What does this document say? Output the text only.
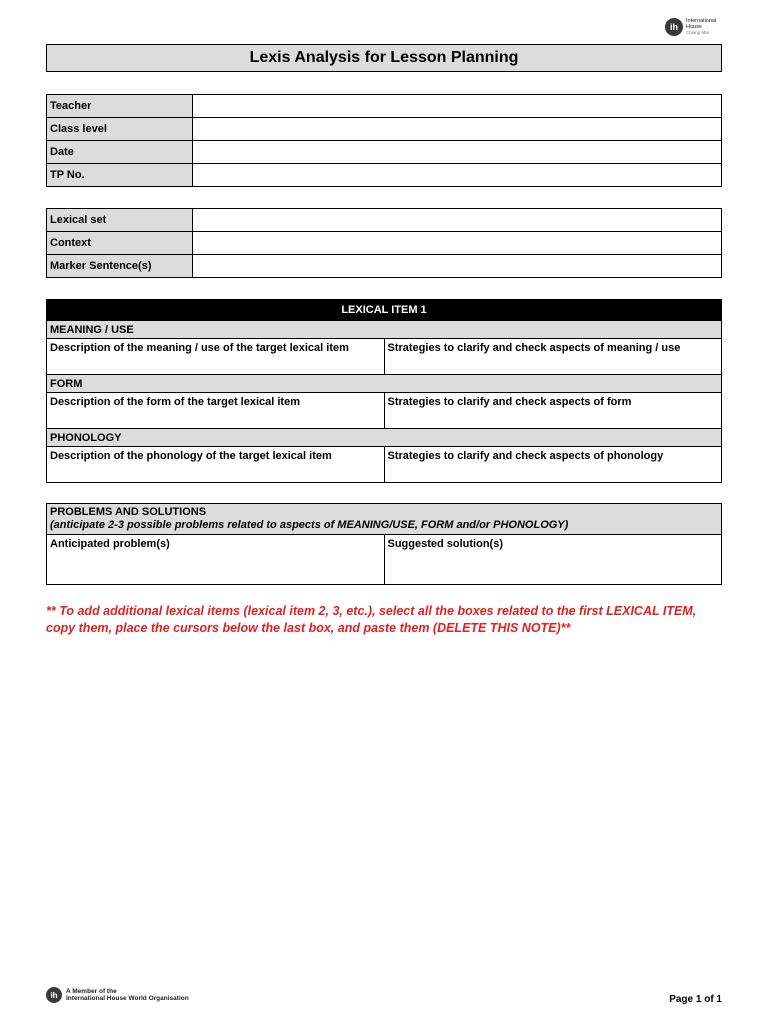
ih
International
House
Chiang Mai
Lexis Analysis for Lesson Planning
Teacher	
Class level	
Date	
TP No.	
Lexical set	
Context	
Marker Sentence(s)	
LEXICAL ITEM 1	
MEANING / USE	
Description of the meaning / use of the target lexical item	Strategies to clarify and check aspects of meaning / use
FORM	
Description of the form of the target lexical item	Strategies to clarify and check aspects of form
PHONOLOGY	
Description of the phonology of the target lexical item	Strategies to clarify and check aspects of phonology
PROBLEMS AND SOLUTIONS
(anticipate 2-3 possible problems related to aspects of MEANING/USE, FORM and/or PHONOLOGY)

Anticipated problem(s)	Suggested solution(s)
** To add additional lexical items (lexical item 2, 3, etc.), select all the boxes related to the first LEXICAL ITEM,
copy them, place the cursors below the last box, and paste them (DELETE THIS NOTE)**
ih	A Member of the
International House World Organisation	Page 1 of 1
